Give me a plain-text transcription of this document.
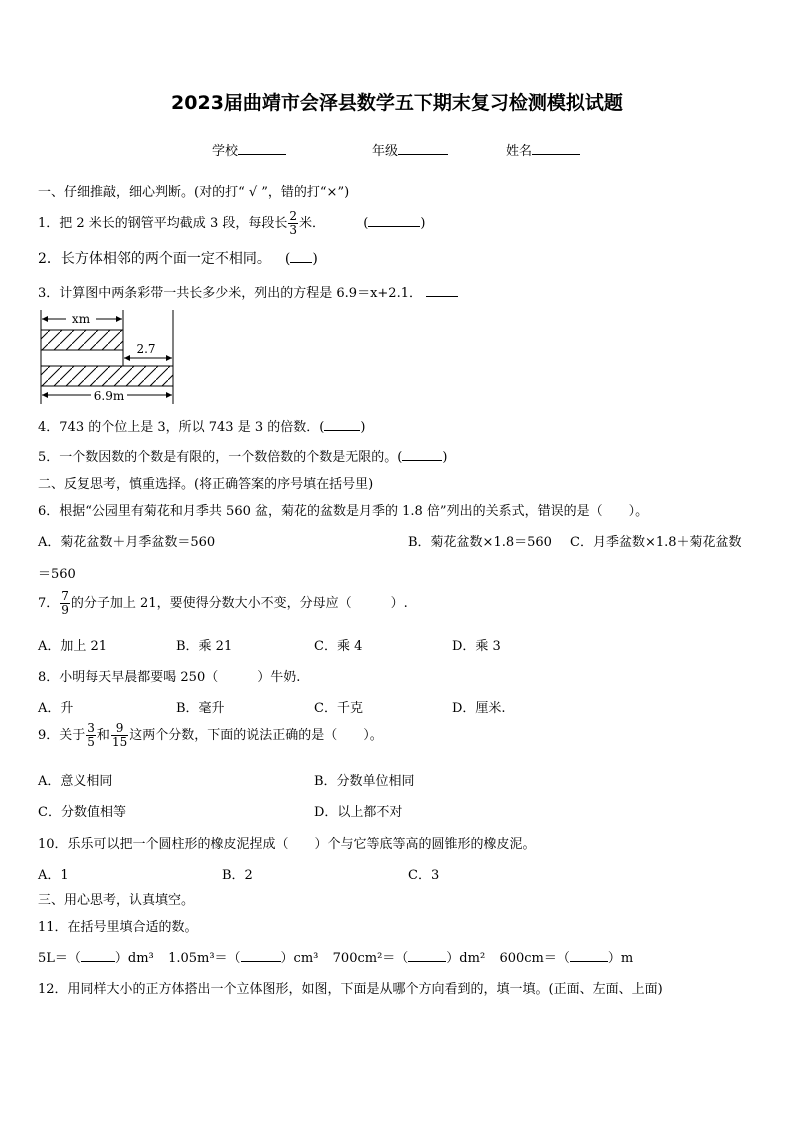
2023届曲靖市会泽县数学五下期末复习检测模拟试题
学校	年级	姓名
一、仔细推敲，细心判断。(对的打“ √ ”，错的打“×”)
1．把 2 米长的钢管平均截成 3 段，每段长 $\frac{2}{3}$ 米．	(	)
2．长方体相邻的两个面一定不相同。 ( )
3．计算图中两条彩带一共长多少米，列出的方程是 6.9＝x+2.1．
xm
2.7
6.9m
4．743 的个位上是 3，所以 743 是 3 的倍数．(	)
5．一个数因数的个数是有限的，一个数倍数的个数是无限的。(	)
二、反复思考，慎重选择。(将正确答案的序号填在括号里)
6．根据“公园里有菊花和月季共 560 盆，菊花的盆数是月季的 1.8 倍”列出的关系式，错误的是（　　）。
A．菊花盆数＋月季盆数＝560	B．菊花盆数×1.8＝560 C．月季盆数×1.8＋菊花盆数
＝560
7． $\frac{7}{9}$ 的分子加上 21，要使得分数大小不变，分母应（　　　）.
A．加上 21	B．乘 21	C．乘 4	D．乘 3
8．小明每天早晨都要喝 250（　　　）牛奶.
A．升	B．毫升	C．千克	D．厘米.
9．关于 $\frac{3}{5}$ 和 $\frac{9}{15}$ 这两个分数，下面的说法正确的是（　　）。
A．意义相同	B．分数单位相同
C．分数值相等	D．以上都不对
10．乐乐可以把一个圆柱形的橡皮泥捏成（　　）个与它等底等高的圆锥形的橡皮泥。
A．1	B．2	C．3
三、用心思考，认真填空。
11．在括号里填合适的数。
5L＝（	）dm³ 1.05m³＝（	）cm³ 700cm²＝（	）dm² 600cm＝（	）m
12．用同样大小的正方体搭出一个立体图形，如图，下面是从哪个方向看到的，填一填。(正面、左面、上面)
